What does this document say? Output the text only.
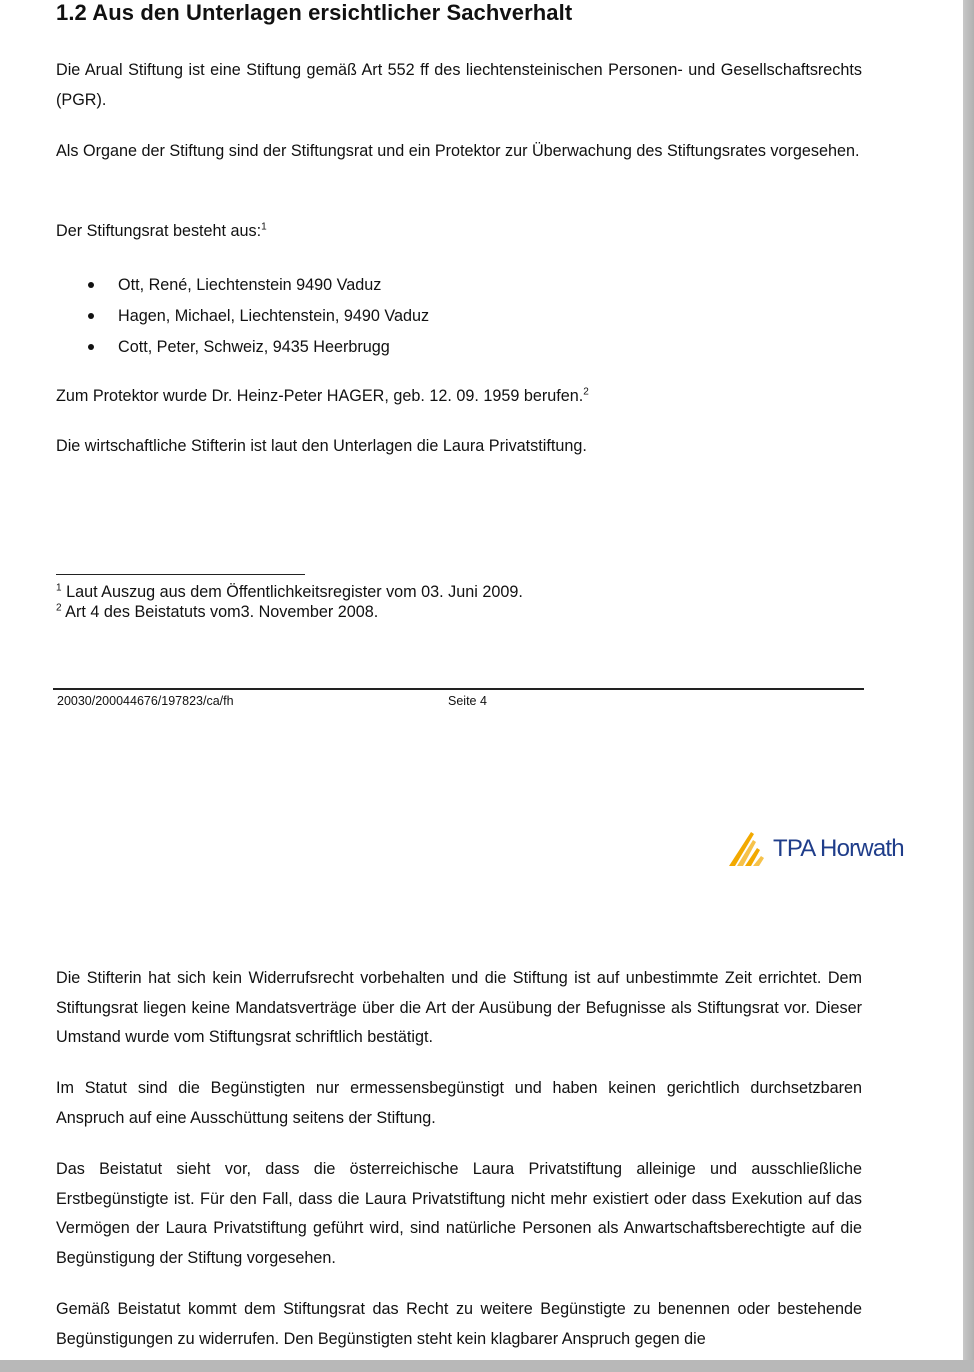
1.2 Aus den Unterlagen ersichtlicher Sachverhalt

Die Arual Stiftung ist eine Stiftung gemäß Art 552 ff des liechtensteinischen Personen- und Gesellschaftsrechts (PGR).

Als Organe der Stiftung sind der Stiftungsrat und ein Protektor zur Überwachung des Stiftungsrates vorgesehen.

Der Stiftungsrat besteht aus:$^1$

Ott, René, Liechtenstein 9490 Vaduz
Hagen, Michael, Liechtenstein, 9490 Vaduz
Cott, Peter, Schweiz, 9435 Heerbrugg

Zum Protektor wurde Dr. Heinz-Peter HAGER, geb. 12. 09. 1959 berufen.$^2$

Die wirtschaftliche Stifterin ist laut den Unterlagen die Laura Privatstiftung.

$^1$ Laut Auszug aus dem Öffentlichkeitsregister vom 03. Juni 2009.
$^2$ Art 4 des Beistatuts vom3. November 2008.
20030/200044676/197823/ca/fh	Seite 4
TPA Horwath

Die Stifterin hat sich kein Widerrufsrecht vorbehalten und die Stiftung ist auf unbestimmte Zeit errichtet. Dem Stiftungsrat liegen keine Mandatsverträge über die Art der Ausübung der Befugnisse als Stiftungsrat vor. Dieser Umstand wurde vom Stiftungsrat schriftlich bestätigt.

Im Statut sind die Begünstigten nur ermessensbegünstigt und haben keinen gerichtlich durchsetzbaren Anspruch auf eine Ausschüttung seitens der Stiftung.

Das Beistatut sieht vor, dass die österreichische Laura Privatstiftung alleinige und ausschließliche Erstbegünstigte ist. Für den Fall, dass die Laura Privatstiftung nicht mehr existiert oder dass Exekution auf das Vermögen der Laura Privatstiftung geführt wird, sind natürliche Personen als Anwartschaftsberechtigte auf die Begünstigung der Stiftung vorgesehen.

Gemäß Beistatut kommt dem Stiftungsrat das Recht zu weitere Begünstigte zu benennen oder bestehende Begünstigungen zu widerrufen. Den Begünstigten steht kein klagbarer Anspruch gegen die
